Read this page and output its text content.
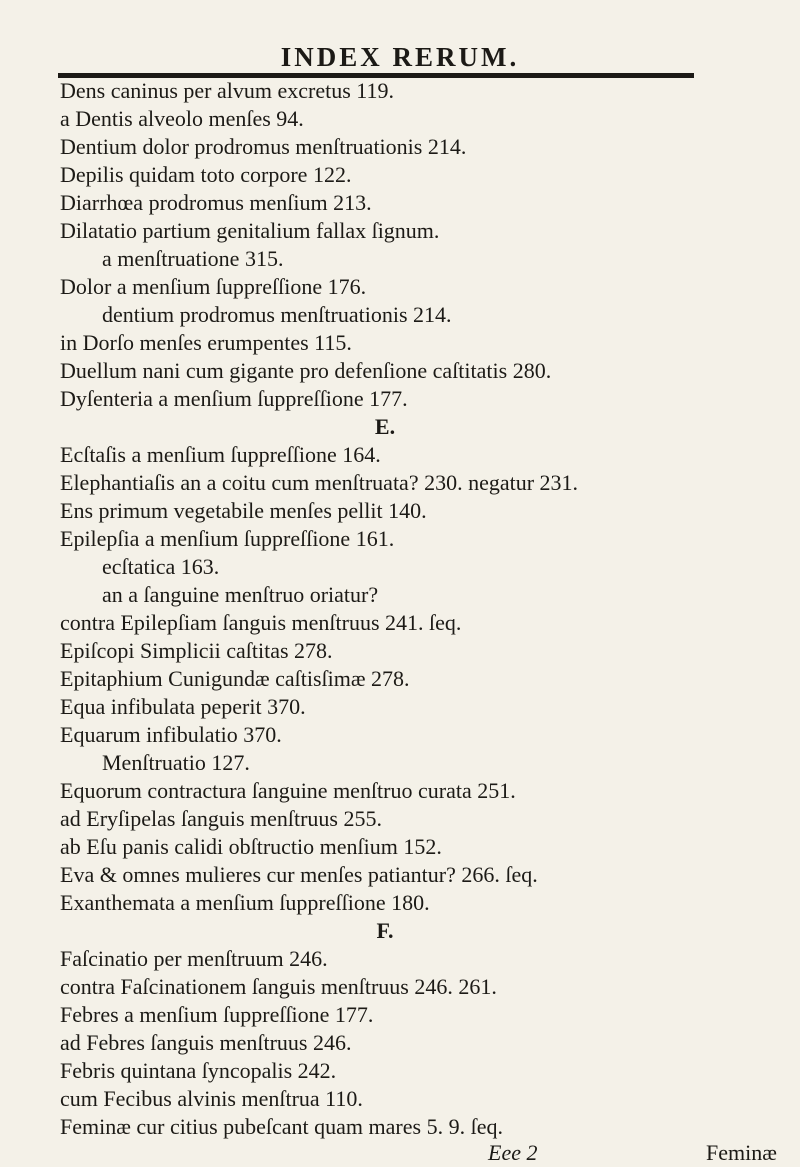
INDEX RERUM.
Dens caninus per alvum excretus 119.
a Dentis alveolo menſes 94.
Dentium dolor prodromus menſtruationis 214.
Depilis quidam toto corpore 122.
Diarrhœa prodromus menſium 213.
Dilatatio partium genitalium fallax ſignum.
a menſtruatione 315.
Dolor a menſium ſuppreſſione 176.
dentium prodromus menſtruationis 214.
in Dorſo menſes erumpentes 115.
Duellum nani cum gigante pro defenſione caſtitatis 280.
Dyſenteria a menſium ſuppreſſione 177.
E.
Ecſtaſis a menſium ſuppreſſione 164.
Elephantiaſis an a coitu cum menſtruata? 230. negatur 231.
Ens primum vegetabile menſes pellit 140.
Epilepſia a menſium ſuppreſſione 161.
ecſtatica 163.
an a ſanguine menſtruo oriatur?
contra Epilepſiam ſanguis menſtruus 241. ſeq.
Epiſcopi Simplicii caſtitas 278.
Epitaphium Cunigundæ caſtisſimæ 278.
Equa infibulata peperit 370.
Equarum infibulatio 370.
Menſtruatio 127.
Equorum contractura ſanguine menſtruo curata 251.
ad Eryſipelas ſanguis menſtruus 255.
ab Eſu panis calidi obſtructio menſium 152.
Eva & omnes mulieres cur menſes patiantur? 266. ſeq.
Exanthemata a menſium ſuppreſſione 180.
F.
Faſcinatio per menſtruum 246.
contra Faſcinationem ſanguis menſtruus 246. 261.
Febres a menſium ſuppreſſione 177.
ad Febres ſanguis menſtruus 246.
Febris quintana ſyncopalis 242.
cum Fecibus alvinis menſtrua 110.
Feminæ cur citius pubeſcant quam mares 5. 9. ſeq.
Eee 2	Feminæ
